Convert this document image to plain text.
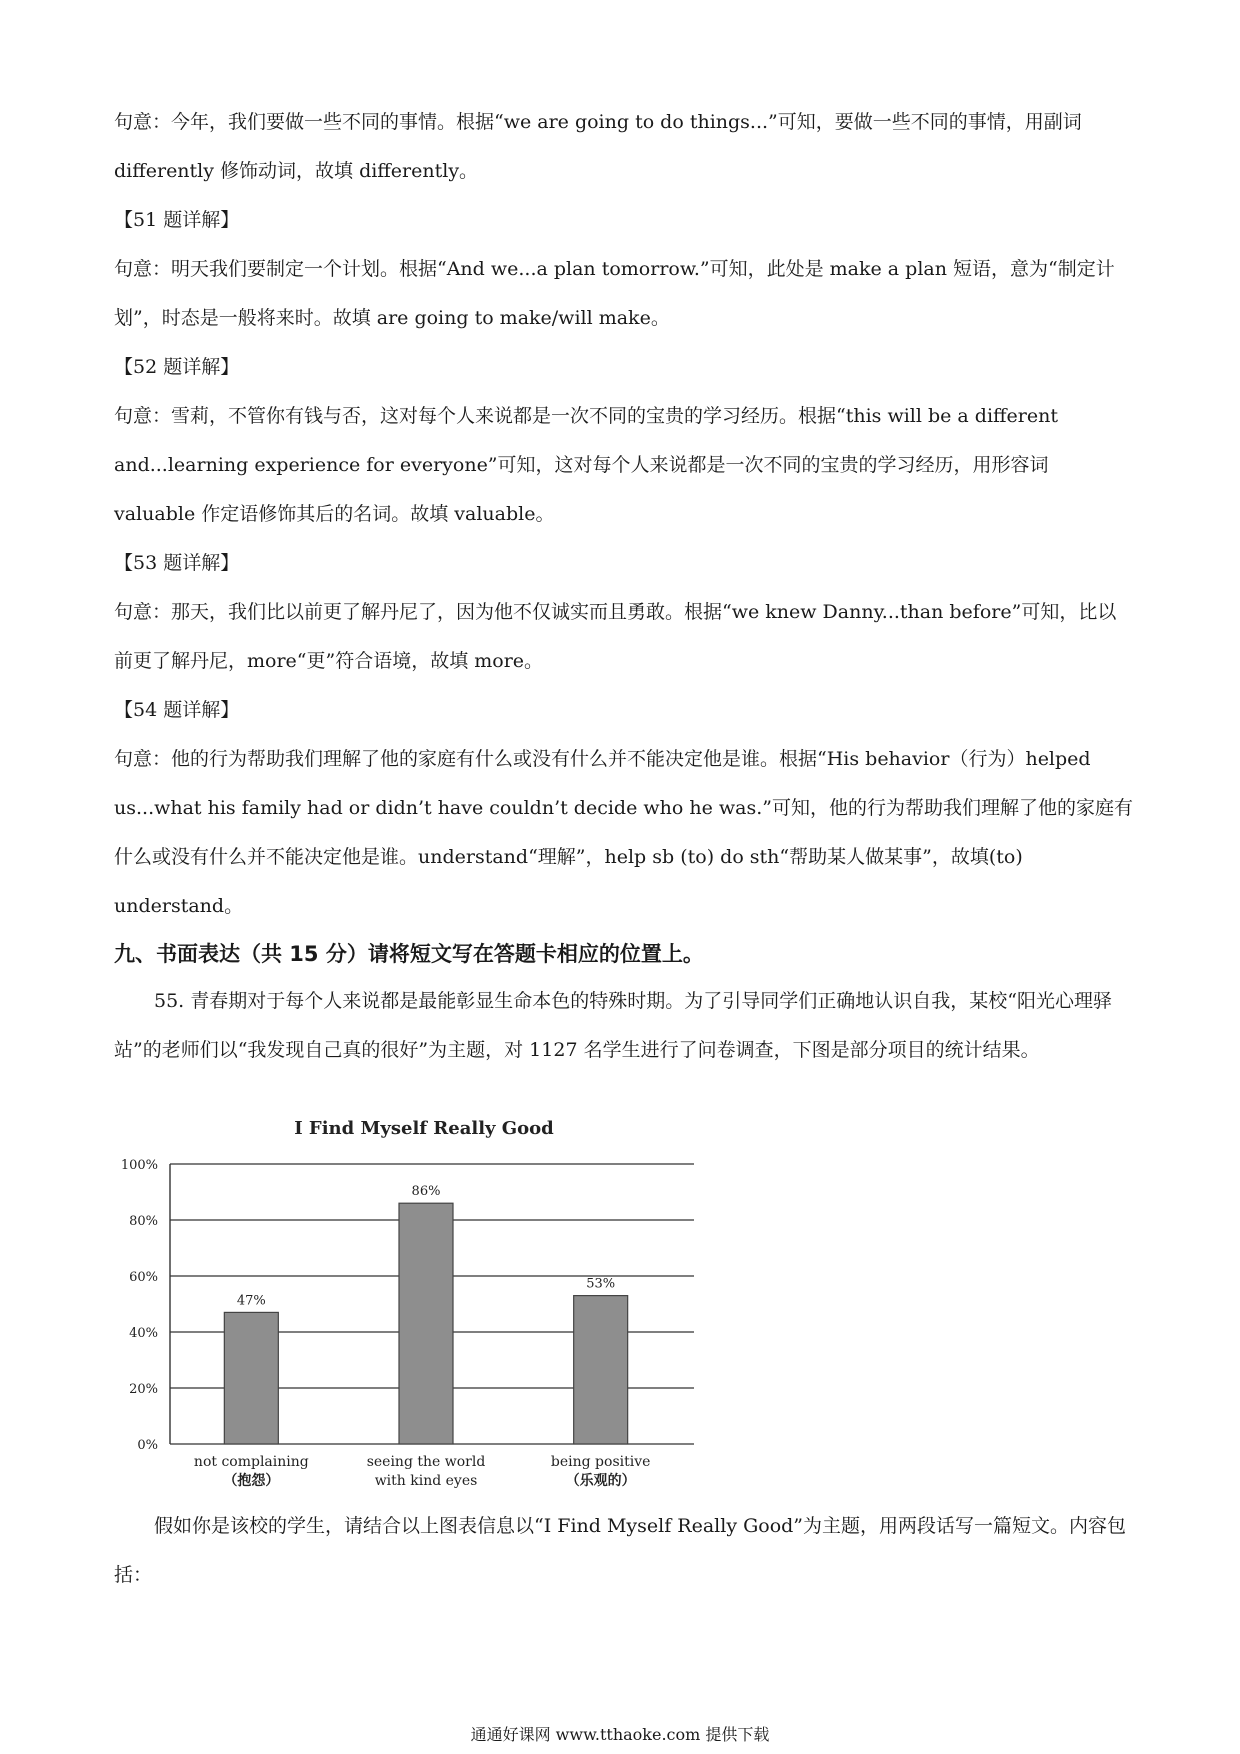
句意：今年，我们要做一些不同的事情。根据“we are going to do things...”可知，要做一些不同的事情，用副词 differently 修饰动词，故填 differently。

【51 题详解】

句意：明天我们要制定一个计划。根据“And we...a plan tomorrow.”可知，此处是 make a plan 短语，意为“制定计划”，时态是一般将来时。故填 are going to make/will make。

【52 题详解】

句意：雪莉，不管你有钱与否，这对每个人来说都是一次不同的宝贵的学习经历。根据“this will be a different and...learning experience for everyone”可知，这对每个人来说都是一次不同的宝贵的学习经历，用形容词 valuable 作定语修饰其后的名词。故填 valuable。

【53 题详解】

句意：那天，我们比以前更了解丹尼了，因为他不仅诚实而且勇敢。根据“we knew Danny...than before”可知，比以前更了解丹尼，more“更”符合语境，故填 more。

【54 题详解】

句意：他的行为帮助我们理解了他的家庭有什么或没有什么并不能决定他是谁。根据“His behavior（行为）helped us...what his family had or didn’t have couldn’t decide who he was.”可知，他的行为帮助我们理解了他的家庭有什么或没有什么并不能决定他是谁。understand“理解”，help sb (to) do sth“帮助某人做某事”，故填(to) understand。

九、书面表达（共 15 分）请将短文写在答题卡相应的位置上。

55. 青春期对于每个人来说都是最能彰显生命本色的特殊时期。为了引导同学们正确地认识自我，某校“阳光心理驿站”的老师们以“我发现自己真的很好”为主题，对 1127 名学生进行了问卷调查，下图是部分项目的统计结果。

I Find Myself Really Good
0%
20%
40%
60%
80%
100%
47%
not complaining
（抱怨）
86%
seeing the world
with kind eyes
53%
being positive
（乐观的）

假如你是该校的学生，请结合以上图表信息以“I Find Myself Really Good”为主题，用两段话写一篇短文。内容包括：

通通好课网 www.tthaoke.com 提供下载
